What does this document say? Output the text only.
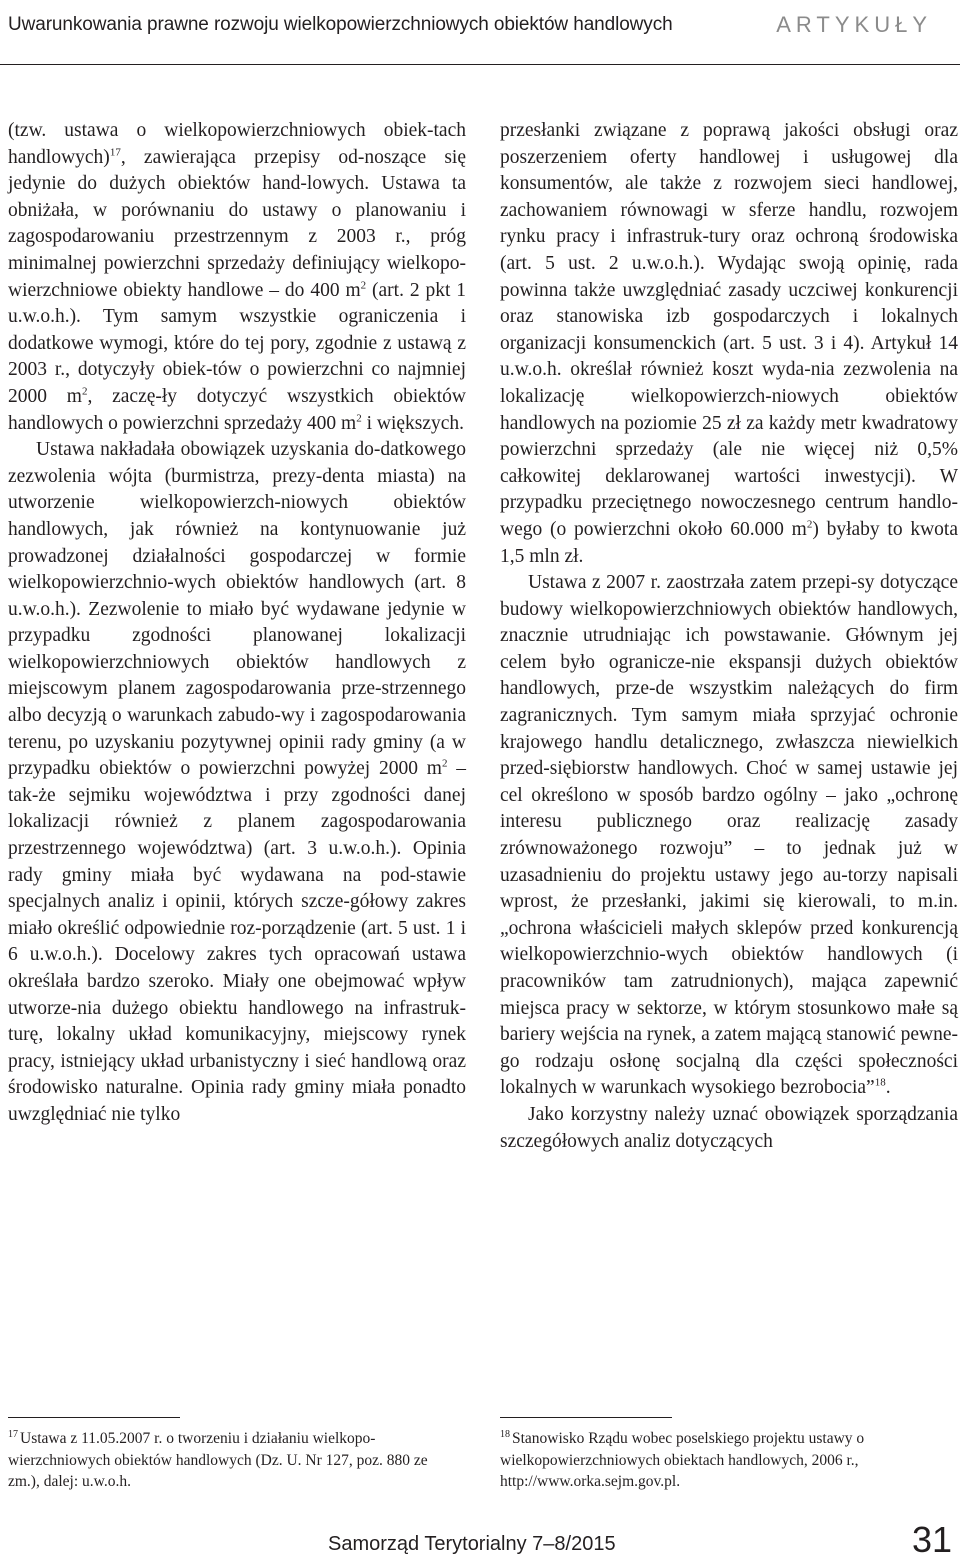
Uwarunkowania prawne rozwoju wielkopowierzchniowych obiektów handlowych	ARTYKUŁY

(tzw. ustawa o wielkopowierzchniowych obiek-tach handlowych)$^{17}$, zawierająca przepisy od-noszące się jedynie do dużych obiektów hand-lowych. Ustawa ta obniżała, w porównaniu do ustawy o planowaniu i zagospodarowaniu przestrzennym z 2003 r., próg minimalnej powierzchni sprzedaży definiujący wielkopo-wierzchniowe obiekty handlowe – do 400 $m^2$ (art. 2 pkt 1 u.w.o.h.). Tym samym wszystkie ograniczenia i dodatkowe wymogi, które do tej pory, zgodnie z ustawą z 2003 r., dotyczyły obiek-tów o powierzchni co najmniej 2000 $m^2$, zaczę-ły dotyczyć wszystkich obiektów handlowych o powierzchni sprzedaży 400 $m^2$ i większych.

Ustawa nakładała obowiązek uzyskania do-datkowego zezwolenia wójta (burmistrza, prezy-denta miasta) na utworzenie wielkopowierzch-niowych obiektów handlowych, jak również na kontynuowanie już prowadzonej działalności gospodarczej w formie wielkopowierzchnio-wych obiektów handlowych (art. 8 u.w.o.h.). Zezwolenie to miało być wydawane jedynie w przypadku zgodności planowanej lokalizacji wielkopowierzchniowych obiektów handlowych z miejscowym planem zagospodarowania prze-strzennego albo decyzją o warunkach zabudo-wy i zagospodarowania terenu, po uzyskaniu pozytywnej opinii rady gminy (a w przypadku obiektów o powierzchni powyżej 2000 $m^2$ – tak-że sejmiku województwa i przy zgodności danej lokalizacji również z planem zagospodarowania przestrzennego województwa) (art. 3 u.w.o.h.). Opinia rady gminy miała być wydawana na pod-stawie specjalnych analiz i opinii, których szcze-gółowy zakres miało określić odpowiednie roz-porządzenie (art. 5 ust. 1 i 6 u.w.o.h.). Docelowy zakres tych opracowań ustawa określała bardzo szeroko. Miały one obejmować wpływ utworze-nia dużego obiektu handlowego na infrastruk-turę, lokalny układ komunikacyjny, miejscowy rynek pracy, istniejący układ urbanistyczny i sieć handlową oraz środowisko naturalne. Opinia rady gminy miała ponadto uwzględniać nie tylko

przesłanki związane z poprawą jakości obsługi oraz poszerzeniem oferty handlowej i usługowej dla konsumentów, ale także z rozwojem sieci handlowej, zachowaniem równowagi w sferze handlu, rozwojem rynku pracy i infrastruk-tury oraz ochroną środowiska (art. 5 ust. 2 u.w.o.h.). Wydając swoją opinię, rada powinna także uwzględniać zasady uczciwej konkurencji oraz stanowiska izb gospodarczych i lokalnych organizacji konsumenckich (art. 5 ust. 3 i 4). Artykuł 14 u.w.o.h. określał również koszt wyda-nia zezwolenia na lokalizację wielkopowierzch-niowych obiektów handlowych na poziomie 25 zł za każdy metr kwadratowy powierzchni sprzedaży (ale nie więcej niż 0,5% całkowitej deklarowanej wartości inwestycji). W przypadku przeciętnego nowoczesnego centrum handlo-wego (o powierzchni około 60.000 $m^2$) byłaby to kwota 1,5 mln zł.

Ustawa z 2007 r. zaostrzała zatem przepi-sy dotyczące budowy wielkopowierzchniowych obiektów handlowych, znacznie utrudniając ich powstawanie. Głównym jej celem było ogranicze-nie ekspansji dużych obiektów handlowych, prze-de wszystkim należących do firm zagranicznych. Tym samym miała sprzyjać ochronie krajowego handlu detalicznego, zwłaszcza niewielkich przed-siębiorstw handlowych. Choć w samej ustawie jej cel określono w sposób bardzo ogólny – jako „ochronę interesu publicznego oraz realizację zasady zrównoważonego rozwoju” – to jednak już w uzasadnieniu do projektu ustawy jego au-torzy napisali wprost, że przesłanki, jakimi się kierowali, to m.in. „ochrona właścicieli małych sklepów przed konkurencją wielkopowierzchnio-wych obiektów handlowych (i pracowników tam zatrudnionych), mająca zapewnić miejsca pracy w sektorze, w którym stosunkowo małe są bariery wejścia na rynek, a zatem mającą stanowić pewne-go rodzaju osłonę socjalną dla części społeczności lokalnych w warunkach wysokiego bezrobocia”$^{18}$.

Jako korzystny należy uznać obowiązek sporządzania szczegółowych analiz dotyczących

$^{17}$ Ustawa z 11.05.2007 r. o tworzeniu i działaniu wielkopo-wierzchniowych obiektów handlowych (Dz. U. Nr 127, poz. 880 ze zm.), dalej: u.w.o.h.
$^{18}$ Stanowisko Rządu wobec poselskiego projektu ustawy o wielkopowierzchniowych obiektach handlowych, 2006 r., http://www.orka.sejm.gov.pl.
Samorząd Terytorialny 7–8/2015	31
